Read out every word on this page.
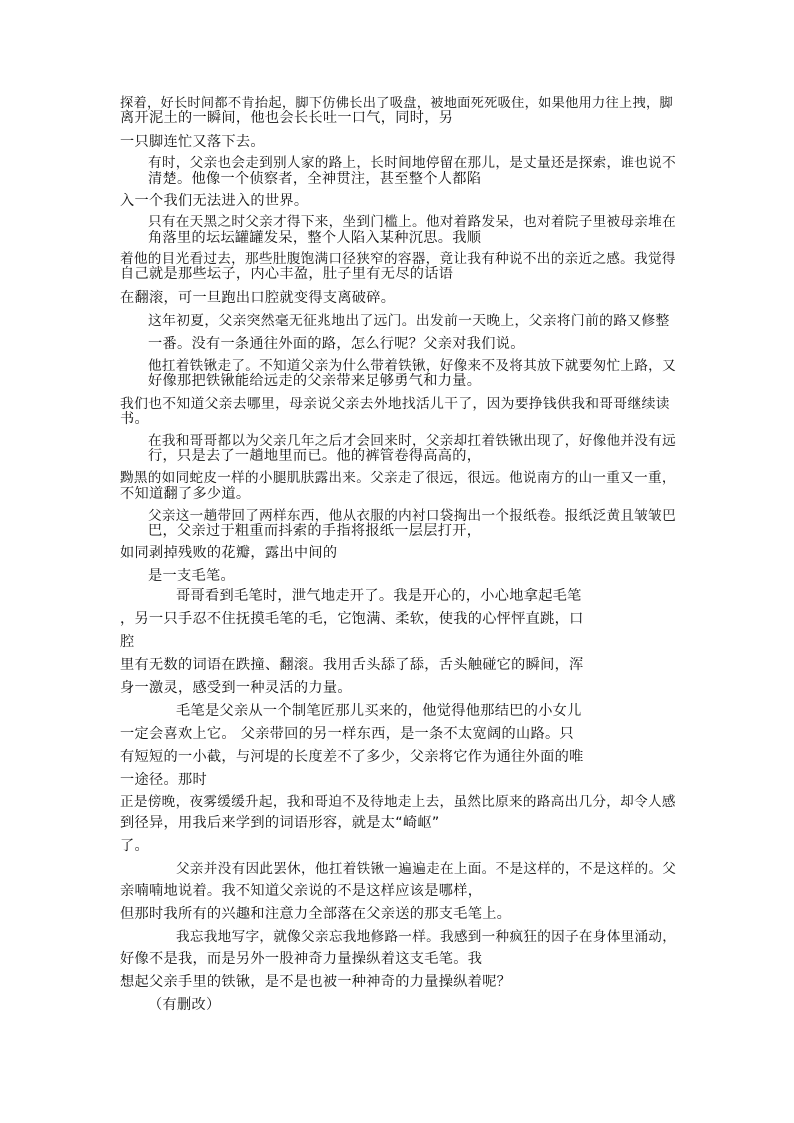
探着，好长时间都不肯抬起，脚下仿佛长出了吸盘，被地面死死吸住，如果他用力往上拽，脚

离开泥土的一瞬间，他也会长长吐一口气，同时，另

一只脚连忙又落下去。

有时，父亲也会走到别人家的路上，长时间地停留在那儿，是丈量还是探索，谁也说不

清楚。他像一个侦察者，全神贯注，甚至整个人都陷

入一个我们无法进入的世界。

只有在天黑之时父亲才得下来，坐到门槛上。他对着路发呆，也对着院子里被母亲堆在

角落里的坛坛罐罐发呆，整个人陷入某种沉思。我顺

着他的目光看过去，那些肚腹饱满口径狭窄的容器，竟让我有种说不出的亲近之感。我觉得

自己就是那些坛子，内心丰盈，肚子里有无尽的话语

在翻滚，可一旦跑出口腔就变得支离破碎。

这年初夏，父亲突然毫无征兆地出了远门。出发前一天晚上，父亲将门前的路又修整

一番。没有一条通往外面的路，怎么行呢？父亲对我们说。

他扛着铁锹走了。不知道父亲为什么带着铁锹，好像来不及将其放下就要匆忙上路，又

好像那把铁锹能给远走的父亲带来足够勇气和力量。

我们也不知道父亲去哪里，母亲说父亲去外地找活儿干了，因为要挣钱供我和哥哥继续读

书。

在我和哥哥都以为父亲几年之后才会回来时，父亲却扛着铁锹出现了，好像他并没有远

行，只是去了一趟地里而已。他的裤管卷得高高的，

黝黑的如同蛇皮一样的小腿肌肤露出来。父亲走了很远，很远。他说南方的山一重又一重，

不知道翻了多少道。

父亲这一趟带回了两样东西，他从衣服的内衬口袋掏出一个报纸卷。报纸泛黄且皱皱巴

巴，父亲过于粗重而抖索的手指将报纸一层层打开，

如同剥掉残败的花瓣，露出中间的

是一支毛笔。

哥哥看到毛笔时，泄气地走开了。我是开心的，小心地拿起毛笔

，另一只手忍不住抚摸毛笔的毛，它饱满、柔软，使我的心怦怦直跳，口

腔

里有无数的词语在跌撞、翻滚。我用舌头舔了舔，舌头触碰它的瞬间，浑

身一激灵，感受到一种灵活的力量。

毛笔是父亲从一个制笔匠那儿买来的，他觉得他那结巴的小女儿

一定会喜欢上它。 父亲带回的另一样东西，是一条不太宽阔的山路。只

有短短的一小截，与河堤的长度差不了多少，父亲将它作为通往外面的唯

一途径。那时

正是傍晚，夜雾缓缓升起，我和哥迫不及待地走上去，虽然比原来的路高出几分，却令人感

到径异，用我后来学到的词语形容，就是太“崎岖”

了。

父亲并没有因此罢休，他扛着铁锹一遍遍走在上面。不是这样的，不是这样的。父

亲喃喃地说着。我不知道父亲说的不是这样应该是哪样，

但那时我所有的兴趣和注意力全部落在父亲送的那支毛笔上。

我忘我地写字，就像父亲忘我地修路一样。我感到一种疯狂的因子在身体里涌动，

好像不是我，而是另外一股神奇力量操纵着这支毛笔。我

想起父亲手里的铁锹，是不是也被一种神奇的力量操纵着呢？

（有删改）
